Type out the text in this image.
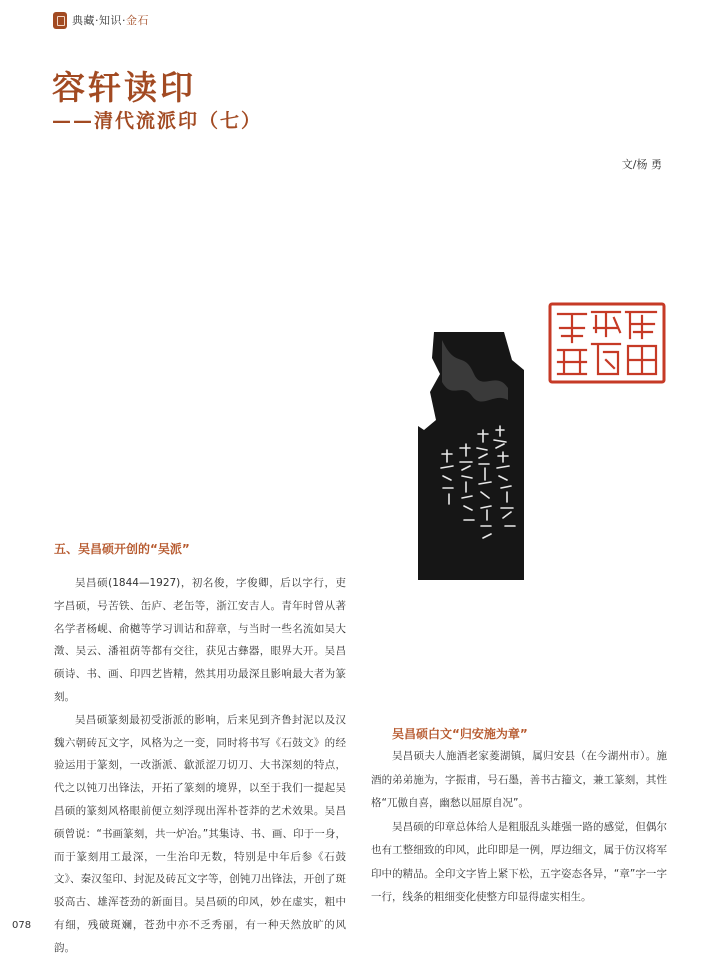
典藏·知识·金石
容轩读印
——清代流派印（七）
文/杨 勇
五、吴昌硕开创的“吴派”

吴昌硕(1844—1927)，初名俊，字俊卿，后以字行，吏字昌硕，号苦铁、缶庐、老缶等，浙江安吉人。青年时曾从著名学者杨岘、俞樾等学习训诂和辞章，与当时一些名流如吴大澂、吴云、潘祖荫等都有交往，获见古彝器，眼界大开。吴昌硕诗、书、画、印四艺皆精，然其用功最深且影响最大者为篆刻。

吴昌硕篆刻最初受浙派的影响，后来见到齐鲁封泥以及汉魏六朝砖瓦文字，风格为之一变，同时将书写《石鼓文》的经验运用于篆刻，一改浙派、歙派涩刀切刀、大书深刻的特点，代之以钝刀出锋法，开拓了篆刻的境界，以至于我们一提起吴昌硕的篆刻风格眼前便立刻浮现出浑朴苍莽的艺术效果。吴昌硕曾说：“书画篆刻，共一炉冶。”其集诗、书、画、印于一身，而于篆刻用工最深，一生治印无数，特别是中年后参《石鼓文》、秦汉玺印、封泥及砖瓦文字等，创钝刀出锋法，开创了斑驳高古、雄浑苍劲的新面目。吴昌硕的印风，妙在虚实，粗中有细，残破斑斓，苍劲中亦不乏秀丽，有一种天然放旷的风韵。

吴昌硕白文“归安施为章”

吴昌硕夫人施酒老家菱湖镇，属归安县（在今湖州市）。施酒的弟弟施为，字振甫，号石墨，善书古籀文，兼工篆刻，其性格“兀傲自喜，幽愁以屈原自况”。

吴昌硕的印章总体给人是粗服乱头雄强一路的感觉，但偶尔也有工整细致的印风，此印即是一例，厚边细文，属于仿汉将军印中的精品。全印文字皆上紧下松，五字姿态各异，“章”字一字一行，线条的粗细变化使整方印显得虚实相生。

078
